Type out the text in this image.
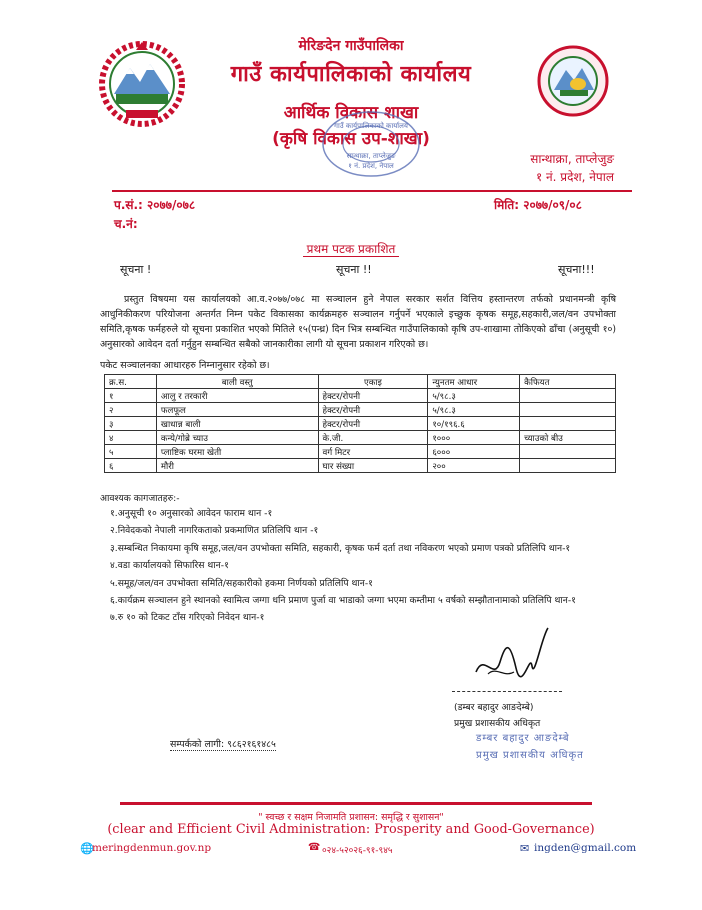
मेरिङदेन गाउँपालिका
गाउँ कार्यपालिकाको कार्यालय
आर्थिक विकास शाखा
(कृषि विकास उप-शाखा)
गाउँ कार्यपालिकाको कार्यालय
सान्थाक्रा, ताप्लेजुङ
१ नं. प्रदेश, नेपाल	सान्थाक्रा, ताप्लेजुङ
१ नं. प्रदेश, नेपाल
प.सं.: २०७७/०७८
च.नं:
मिति: २०७७/०९/०८
प्रथम पटक प्रकाशित
सूचना !	सूचना !!	सूचना!!!
प्रस्तुत विषयमा यस कार्यालयको आ.व.२०७७/०७८ मा सञ्चालन हुने नेपाल सरकार सर्शत वित्तिय हस्तान्तरण तर्फको प्रधानमन्त्री कृषि आधुनिकीकरण परियोजना अन्तर्गत निम्न पकेट विकासका कार्यक्रमहरु सञ्चालन गर्नुपर्ने भएकाले इच्छुक कृषक समूह,सहकारी,जल/वन उपभोक्ता समिति,कृषक फर्महरुले यो सूचना प्रकाशित भएको मितिले १५(पन्ध्र) दिन भित्र सम्बन्धित गाउँपालिकाको कृषि उप-शाखामा तोकिएको ढाँचा (अनुसूची १०) अनुसारको आवेदन दर्ता गर्नुहुन सम्बन्धित सबैको जानकारीका लागी यो सूचना प्रकाशन गरिएको छ।
पकेट सञ्चालनका आधारहरु निम्नानुसार रहेको छ।
क्र.स.	बाली वस्तु	एकाइ	न्युनतम आधार	कैफियत
१	आलु र तरकारी	हेक्टर/रोपनी	५/९८.३	
२	फलफूल	हेक्टर/रोपनी	५/९८.३	
३	खाधान्न बाली	हेक्टर/रोपनी	१०/१९६.६	
४	कन्ये/गोब्रे च्याउ	के.जी.	१०००	च्याउको बीउ
५	प्लाष्टिक घरमा खेती	वर्ग मिटर	६०००	
६	मौरी	घार संख्या	२००	
आवश्यक कागजातहरु:-
१.अनुसूची १० अनुसारको आवेदन फाराम थान -१
२.निवेदकको नेपाली नागरिकताको प्रकमाणित प्रतिलिपि थान -१
३.सम्बन्धित निकायमा कृषि समूह,जल/वन उपभोक्ता समिति, सहकारी, कृषक फर्म दर्ता तथा नविकरण भएको प्रमाण पत्रको प्रतिलिपि थान-१
४.वडा कार्यालयको सिफारिस थान-१
५.समूह/जल/वन उपभोक्ता समिति/सहकारीको हकमा निर्णयको प्रतिलिपि थान-१
६.कार्यक्रम सञ्चालन हुने स्थानको स्वामित्व जग्गा धनि प्रमाण पुर्जा वा भाडाको जग्गा भएमा कम्तीमा ५ वर्षको सम्झौतानामाको प्रतिलिपि थान-१
७.रु १० को टिकट टाँस गरिएको निवेदन थान-१
(डम्बर बहादुर आङदेम्बे)
प्रमुख प्रशासकीय अधिकृत
डम्बर बहादुर आङदेम्बे
प्रमुख प्रशासकीय अधिकृत
सम्पर्कको लागी: ९८६२१६१४८५
" स्वच्छ र सक्षम निजामति प्रशासन: समृद्धि र सुशासन"
(clear and Efficient Civil Administration: Prosperity and Good-Governance)
🌐
meringdenmun.gov.np	☎ ०२४-५२०२६-९१-९४५	✉ ingden@gmail.com
